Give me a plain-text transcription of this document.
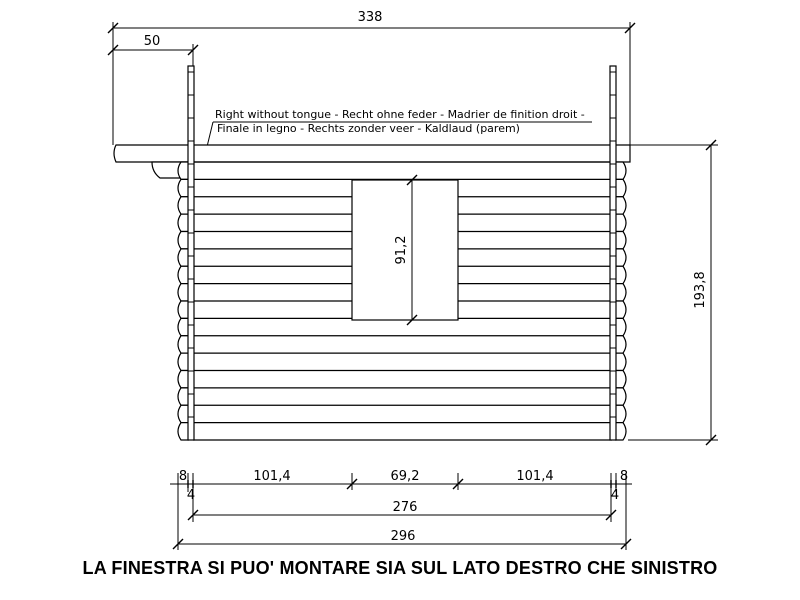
338
50
Right without tongue - Recht ohne feder - Madrier de finition droit -
Finale in legno - Rechts zonder veer - Kaldlaud (parem)
91,2
193,8
8	101,4	69,2	101,4	8
4	4
276
296
LA FINESTRA SI PUO' MONTARE SIA SUL LATO DESTRO CHE SINISTRO
